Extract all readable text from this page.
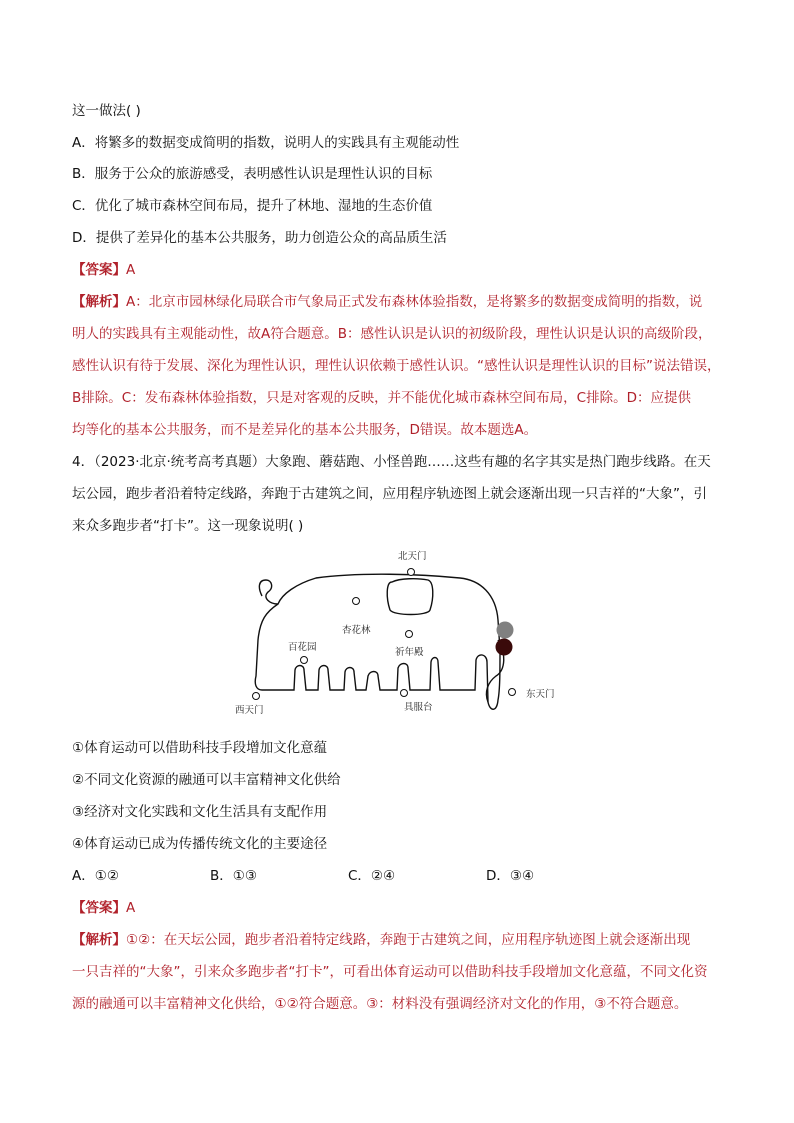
这一做法( )
A．将繁多的数据变成简明的指数，说明人的实践具有主观能动性
B．服务于公众的旅游感受，表明感性认识是理性认识的目标
C．优化了城市森林空间布局，提升了林地、湿地的生态价值
D．提供了差异化的基本公共服务，助力创造公众的高品质生活
【答案】A
【解析】A：北京市园林绿化局联合市气象局正式发布森林体验指数，是将繁多的数据变成简明的指数，说
明人的实践具有主观能动性，故A符合题意。B：感性认识是认识的初级阶段，理性认识是认识的高级阶段，
感性认识有待于发展、深化为理性认识，理性认识依赖于感性认识。“感性认识是理性认识的目标”说法错误，
B排除。C：发布森林体验指数，只是对客观的反映，并不能优化城市森林空间布局，C排除。D：应提供
均等化的基本公共服务，而不是差异化的基本公共服务，D错误。故本题选A。
4．（2023·北京·统考高考真题）大象跑、蘑菇跑、小怪兽跑……这些有趣的名字其实是热门跑步线路。在天
坛公园，跑步者沿着特定线路，奔跑于古建筑之间，应用程序轨迹图上就会逐渐出现一只吉祥的“大象”，引
来众多跑步者“打卡”。这一现象说明( )
北天门
杏花林
百花园	祈年殿
东天门
西天门	具服台
①体育运动可以借助科技手段增加文化意蕴
②不同文化资源的融通可以丰富精神文化供给
③经济对文化实践和文化生活具有支配作用
④体育运动已成为传播传统文化的主要途径
A．①②	B．①③	C．②④	D．③④
【答案】A
【解析】①②：在天坛公园，跑步者沿着特定线路，奔跑于古建筑之间，应用程序轨迹图上就会逐渐出现
一只吉祥的“大象”，引来众多跑步者“打卡”，可看出体育运动可以借助科技手段增加文化意蕴，不同文化资
源的融通可以丰富精神文化供给，①②符合题意。③：材料没有强调经济对文化的作用，③不符合题意。
